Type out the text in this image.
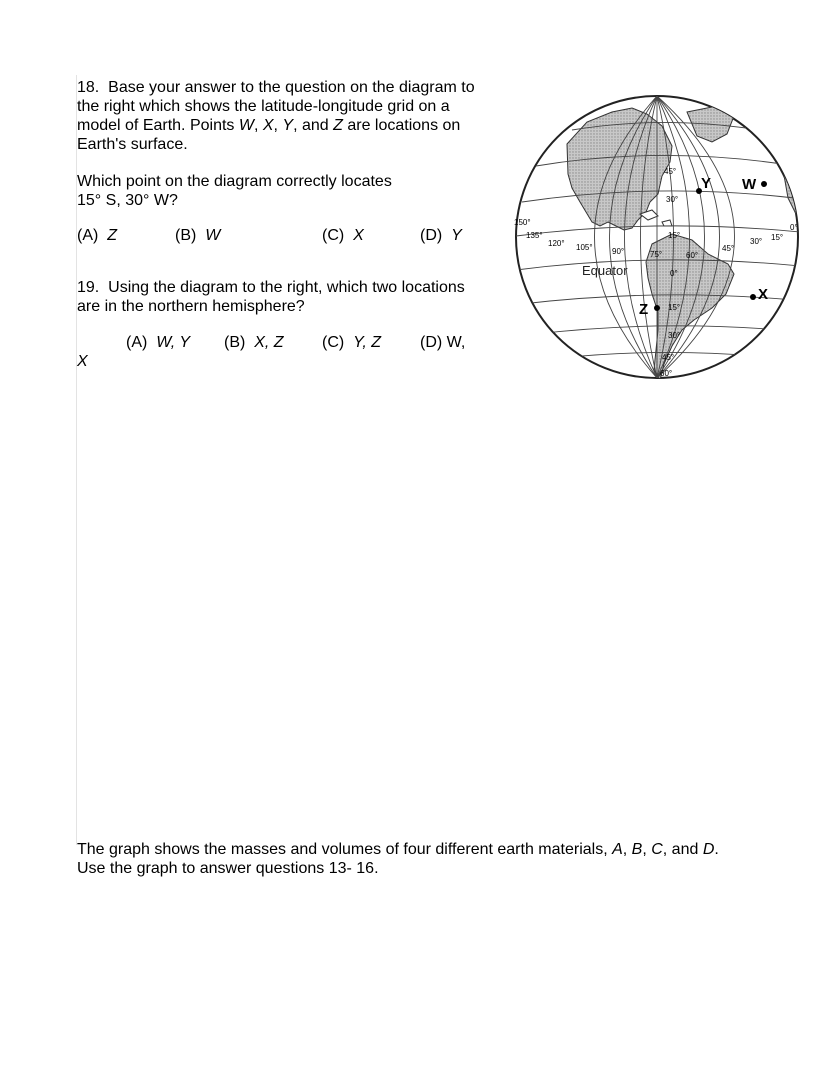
18. Base your answer to the question on the diagram to the right which shows the latitude-longitude grid on a model of Earth. Points W, X, Y, and Z are locations on Earth's surface.

Which point on the diagram correctly locates
15° S, 30° W?

(A) Z	(B) W	(C) X	(D) Y
19. Using the diagram to the right, which two locations are in the northern hemisphere?
(A) W, Y (B) X, Z (C) Y, Z (D) W,
X
45°
30°
15°
0°
15°
30°
45°
60°
150°
135°
120° 105° 90°	75°	60°
45°
30° 15°
0°
Equator
Y W
X
Z
The graph shows the masses and volumes of four different earth materials, A, B, C, and D.
Use the graph to answer questions 13- 16.
